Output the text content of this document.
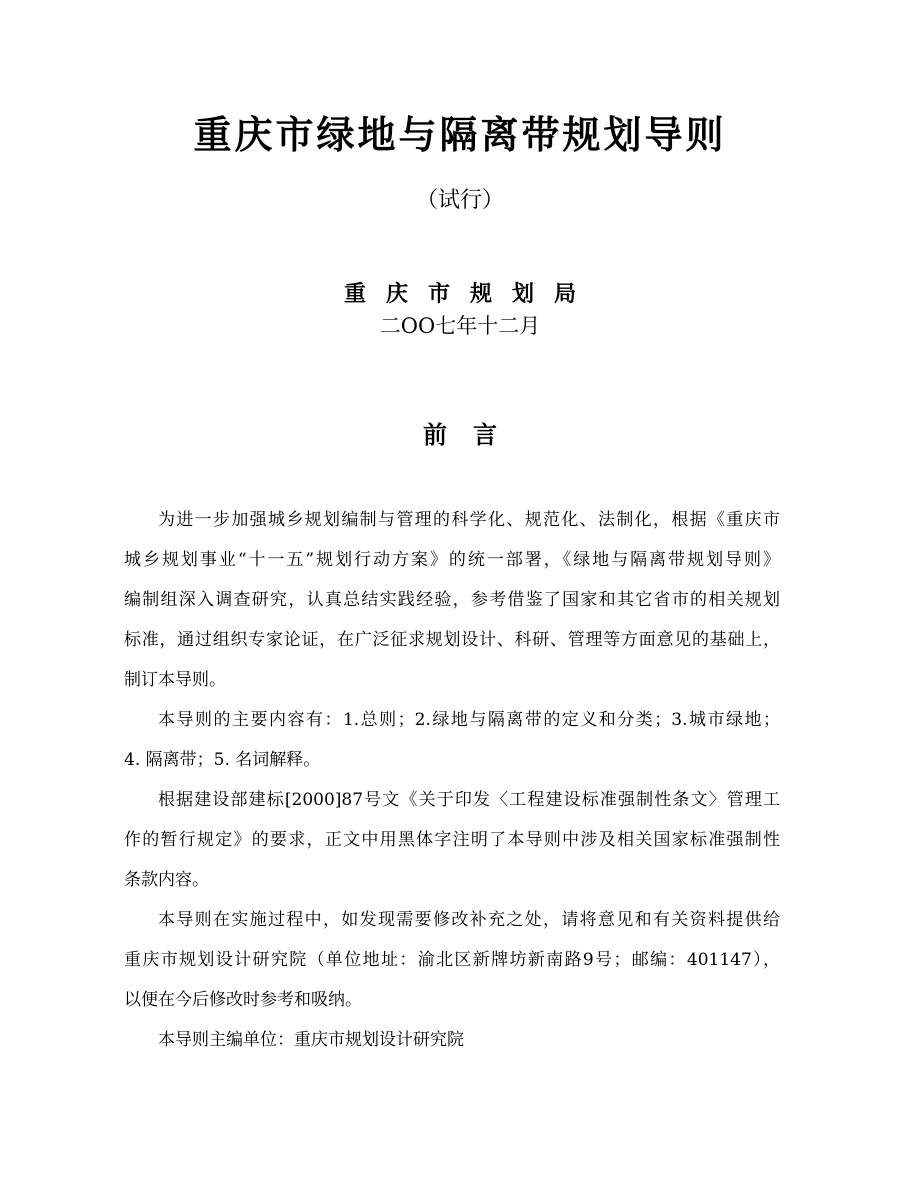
重庆市绿地与隔离带规划导则
（试行）
重庆市规划局
二OO七年十二月
前言
为进一步加强城乡规划编制与管理的科学化、规范化、法制化，根据《重庆市
城乡规划事业“十一五”规划行动方案》的统一部署，《绿地与隔离带规划导则》
编制组深入调查研究，认真总结实践经验，参考借鉴了国家和其它省市的相关规划
标准，通过组织专家论证，在广泛征求规划设计、科研、管理等方面意见的基础上，
制订本导则。
本导则的主要内容有：1.总则；2.绿地与隔离带的定义和分类；3.城市绿地；
4. 隔离带；5. 名词解释。
根据建设部建标[2000]87号文《关于印发〈工程建设标准强制性条文〉管理工
作的暂行规定》的要求，正文中用黑体字注明了本导则中涉及相关国家标准强制性
条款内容。
本导则在实施过程中，如发现需要修改补充之处，请将意见和有关资料提供给
重庆市规划设计研究院（单位地址：渝北区新牌坊新南路9号；邮编：401147），
以便在今后修改时参考和吸纳。
本导则主编单位：重庆市规划设计研究院
